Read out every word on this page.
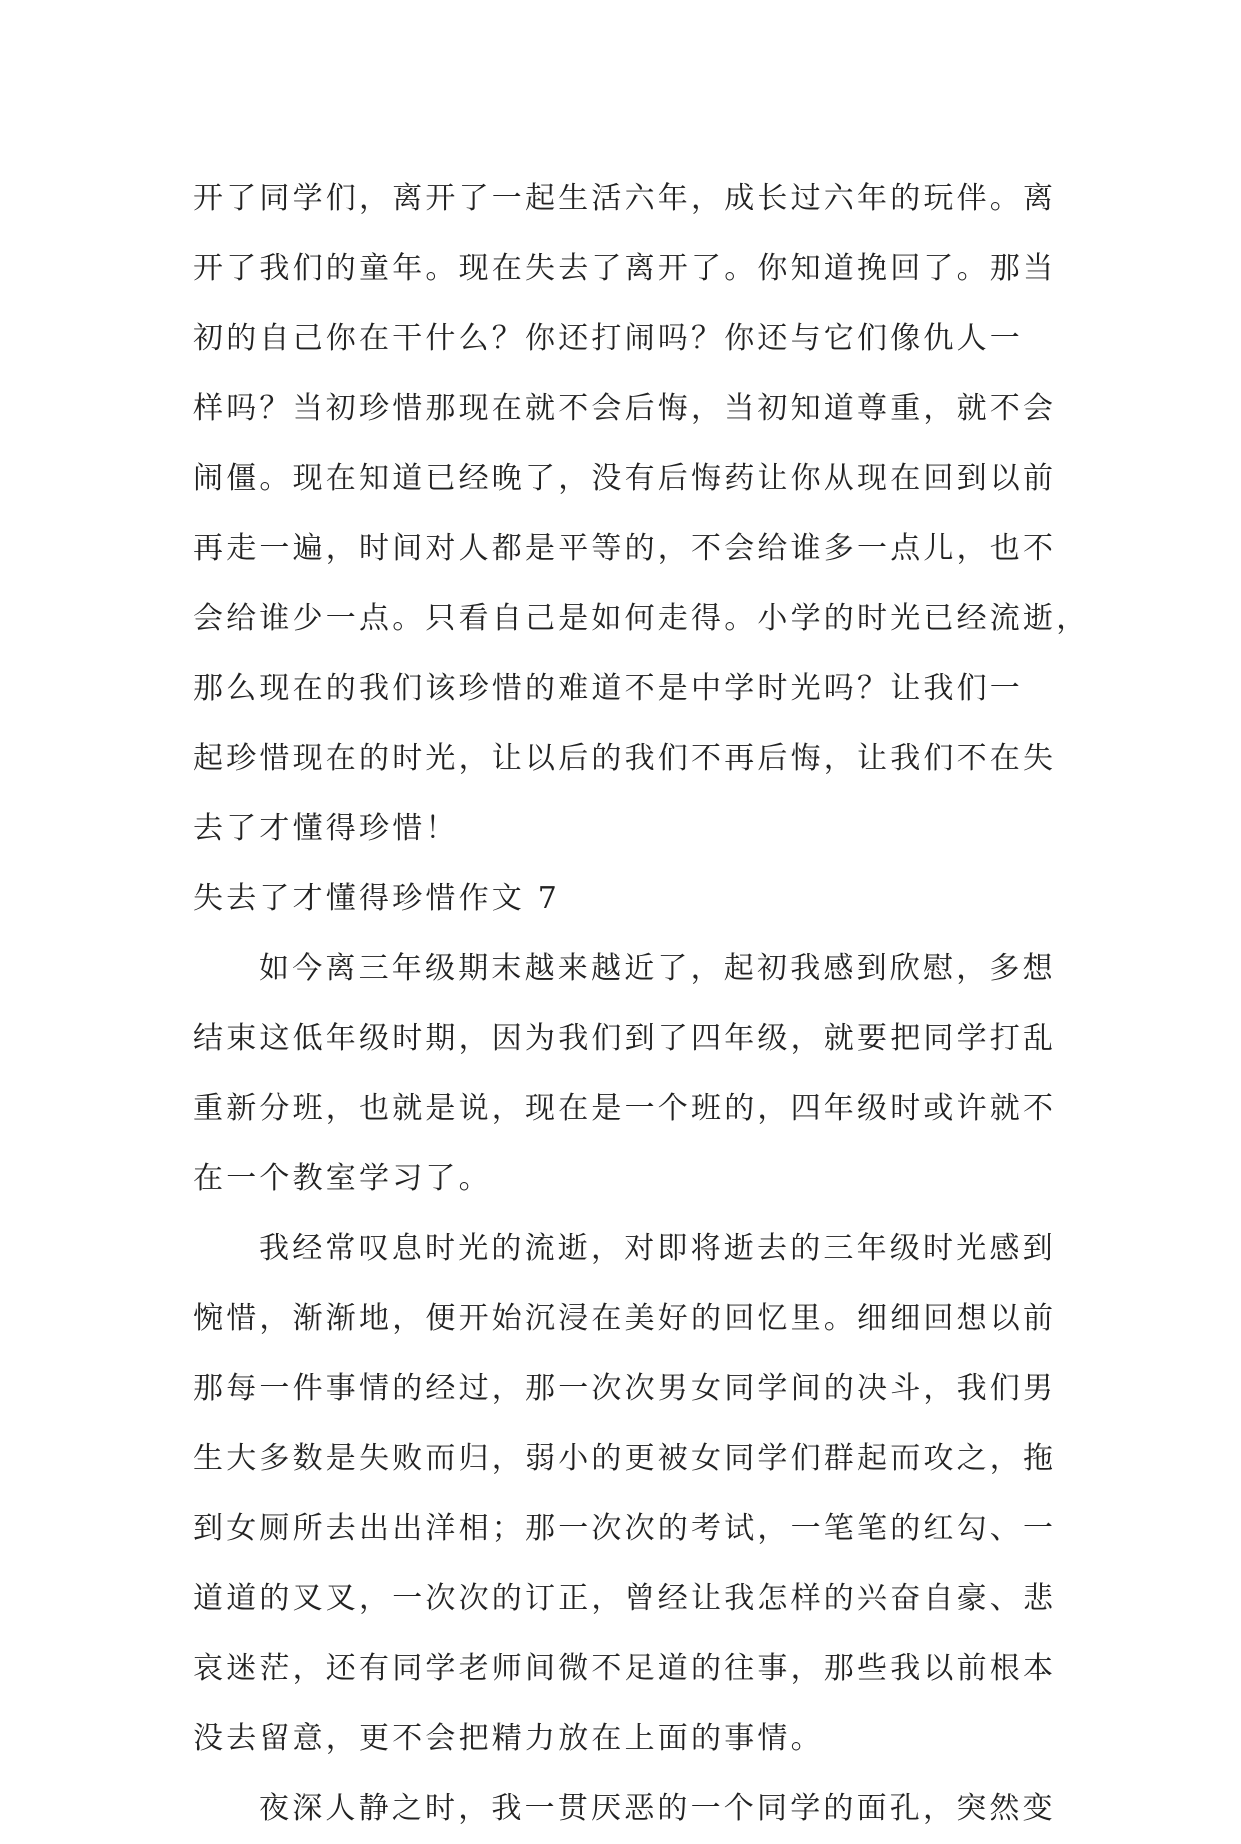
开了同学们，离开了一起生活六年，成长过六年的玩伴。离
开了我们的童年。现在失去了离开了。你知道挽回了。那当
初的自己你在干什么？你还打闹吗？你还与它们像仇人一
样吗？当初珍惜那现在就不会后悔，当初知道尊重，就不会
闹僵。现在知道已经晚了，没有后悔药让你从现在回到以前
再走一遍，时间对人都是平等的，不会给谁多一点儿，也不
会给谁少一点。只看自己是如何走得。小学的时光已经流逝，
那么现在的我们该珍惜的难道不是中学时光吗？让我们一
起珍惜现在的时光，让以后的我们不再后悔，让我们不在失
去了才懂得珍惜！
失去了才懂得珍惜作文 7
如今离三年级期末越来越近了，起初我感到欣慰，多想
结束这低年级时期，因为我们到了四年级，就要把同学打乱
重新分班，也就是说，现在是一个班的，四年级时或许就不
在一个教室学习了。
我经常叹息时光的流逝，对即将逝去的三年级时光感到
惋惜，渐渐地，便开始沉浸在美好的回忆里。细细回想以前
那每一件事情的经过，那一次次男女同学间的决斗，我们男
生大多数是失败而归，弱小的更被女同学们群起而攻之，拖
到女厕所去出出洋相；那一次次的考试，一笔笔的红勾、一
道道的叉叉，一次次的订正，曾经让我怎样的兴奋自豪、悲
哀迷茫，还有同学老师间微不足道的往事，那些我以前根本
没去留意，更不会把精力放在上面的事情。
夜深人静之时，我一贯厌恶的一个同学的面孔，突然变
